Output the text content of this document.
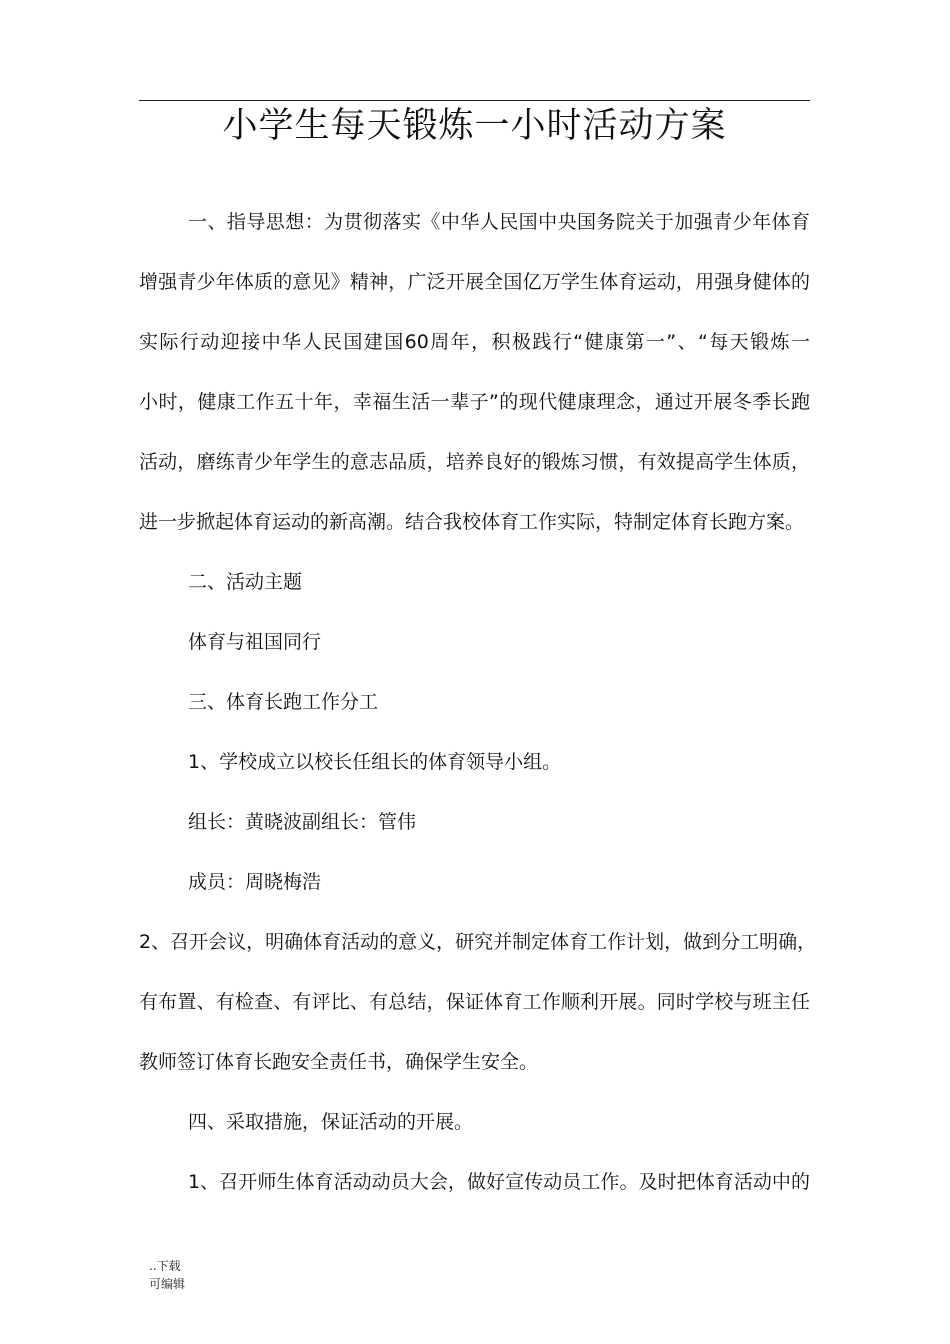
小学生每天锻炼一小时活动方案

一、指导思想：为贯彻落实《中华人民国中央国务院关于加强青少年体育

增强青少年体质的意见》精神，广泛开展全国亿万学生体育运动，用强身健体的

实际行动迎接中华人民国建国60周年，积极践行“健康第一”、“每天锻炼一

小时，健康工作五十年，幸福生活一辈子”的现代健康理念，通过开展冬季长跑

活动，磨练青少年学生的意志品质，培养良好的锻炼习惯，有效提高学生体质，

进一步掀起体育运动的新高潮。结合我校体育工作实际，特制定体育长跑方案。

二、活动主题

体育与祖国同行

三、体育长跑工作分工

1、学校成立以校长任组长的体育领导小组。

组长：黄晓波副组长：管伟

成员：周晓梅浩

2、召开会议，明确体育活动的意义，研究并制定体育工作计划，做到分工明确，

有布置、有检查、有评比、有总结，保证体育工作顺利开展。同时学校与班主任

教师签订体育长跑安全责任书，确保学生安全。

四、采取措施，保证活动的开展。

1、召开师生体育活动动员大会，做好宣传动员工作。及时把体育活动中的

..下载
可编辑
